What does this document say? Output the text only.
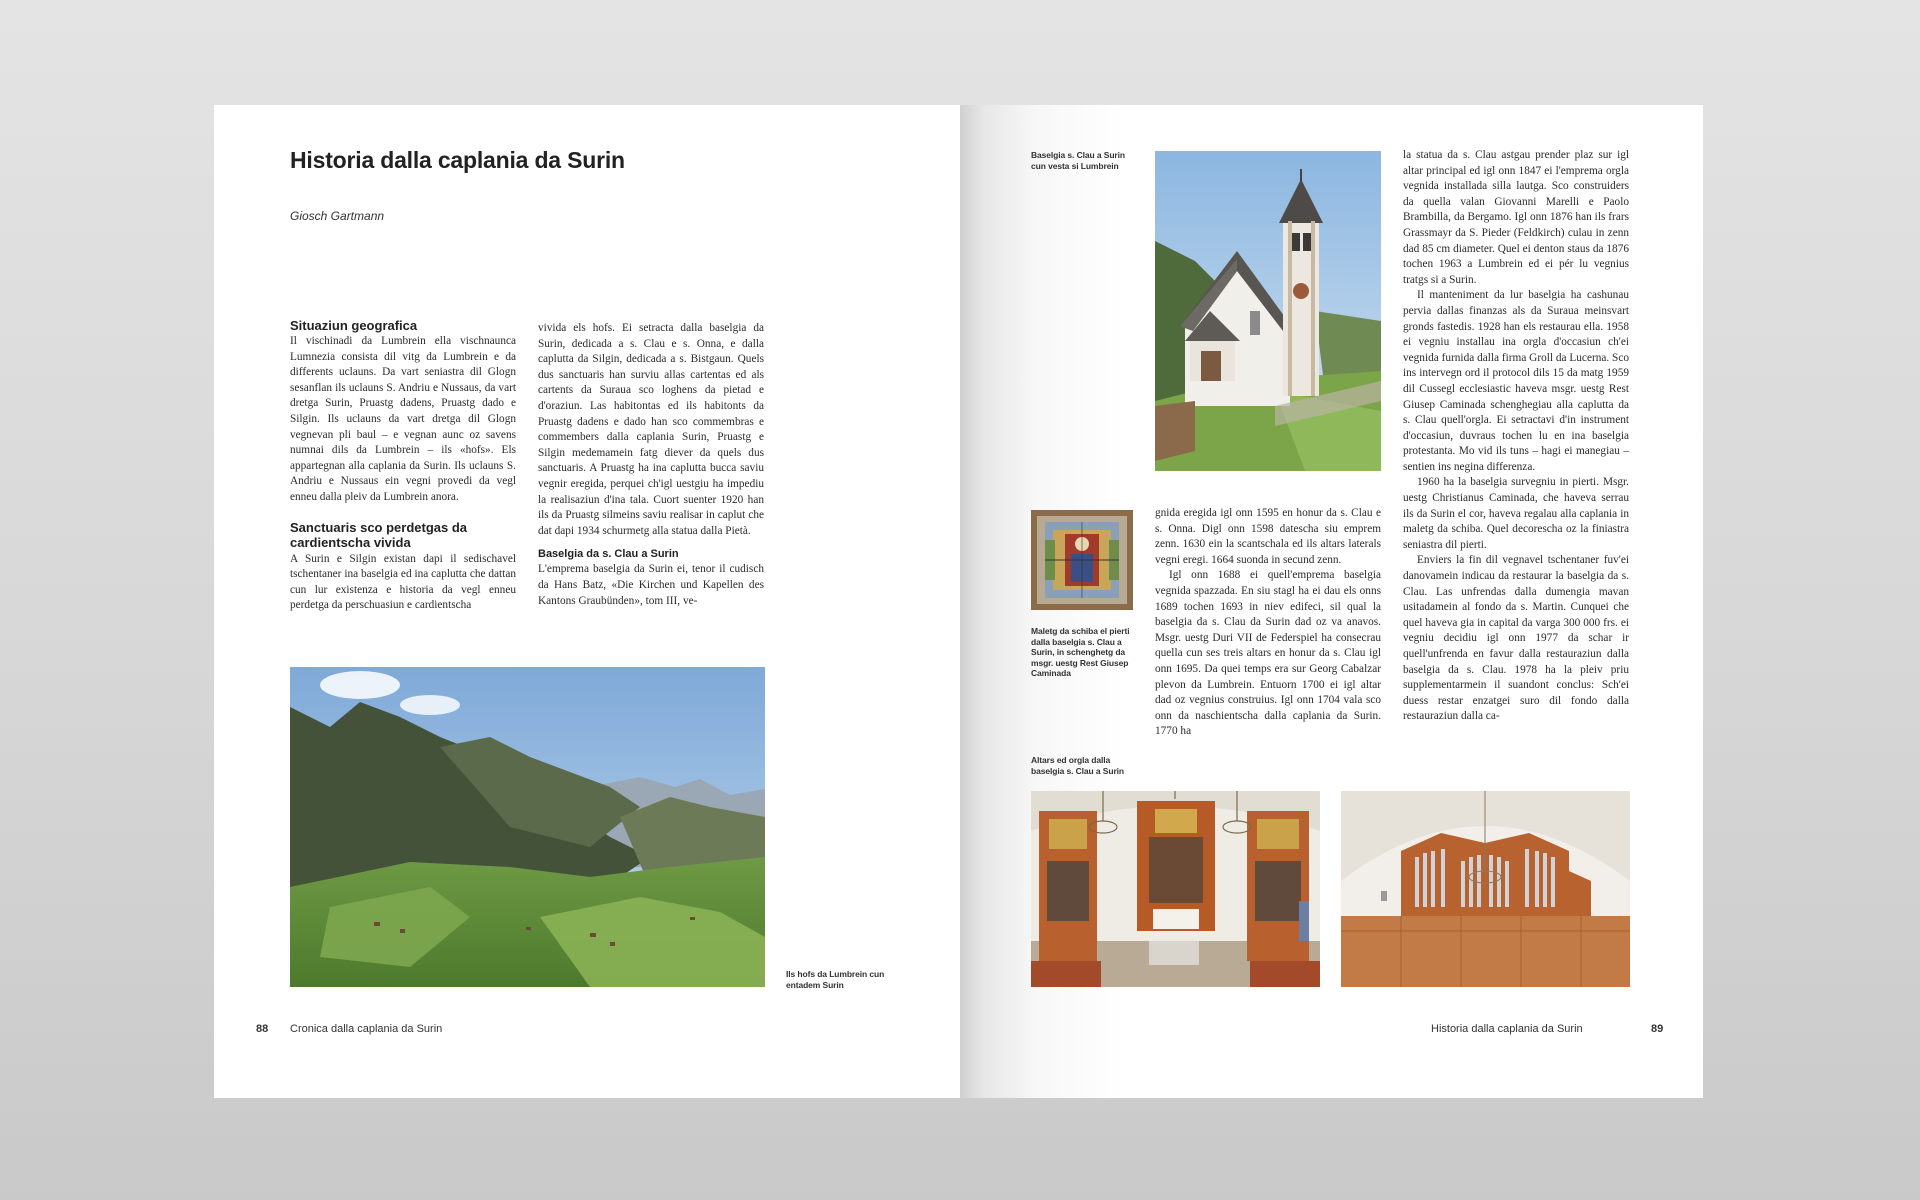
Historia dalla caplania da Surin
Giosch Gartmann
Situaziun geografica

Il vischinadi da Lumbrein ella vischnaunca Lumnezia consista dil vitg da Lumbrein e da differents uclauns. Da vart seniastra dil Glogn sesanflan ils uclauns S. Andriu e Nussaus, da vart dretga Surin, Pruastg dadens, Pruastg dado e Silgin. Ils uclauns da vart dretga dil Glogn vegnevan pli baul – e vegnan aunc oz savens numnai dils da Lumbrein – ils «hofs». Els appartegnan alla caplania da Surin. Ils uclauns S. Andriu e Nussaus ein vegni provedi da vegl enneu dalla pleiv da Lumbrein anora.

Sanctuaris sco perdetgas da cardientscha vivida

A Surin e Silgin existan dapi il sedischavel tschentaner ina baselgia ed ina caplutta che dattan cun lur existenza e historia da vegl enneu perdetga da perschuasiun e cardientscha

vivida els hofs. Ei setracta dalla baselgia da Surin, dedicada a s. Clau e s. Onna, e dalla caplutta da Silgin, dedicada a s. Bistgaun. Quels dus sanctuaris han surviu allas cartentas ed als cartents da Suraua sco loghens da pietad e d'oraziun. Las habitontas ed ils habitonts da Pruastg dadens e dado han sco commembras e commembers dalla caplania Surin, Pruastg e Silgin medemamein fatg diever da quels dus sanctuaris. A Pruastg ha ina caplutta bucca saviu vegnir eregida, perquei ch'igl uestgiu ha impediu la realisaziun d'ina tala. Cuort suenter 1920 han ils da Pruastg silmeins saviu realisar in caplut che dat dapi 1934 schurmetg alla statua dalla Pietà.

Baselgia da s. Clau a Surin

L'emprema baselgia da Surin ei, tenor il cudisch da Hans Batz, «Die Kirchen und Kapellen des Kantons Graubünden», tom III, ve-

Ils hofs da Lumbrein cun entadem Surin
88 Cronica dalla caplania da Surin
Baselgia s. Clau a Surin cun vesta si Lumbrein
Maletg da schiba el pierti dalla baselgia s. Clau a Surin, in schenghetg da msgr. uestg Rest Giusep Caminada
Altars ed orgla dalla baselgia s. Clau a Surin

gnida eregida igl onn 1595 en honur da s. Clau e s. Onna. Digl onn 1598 datescha siu emprem zenn. 1630 ein la scantschala ed ils altars laterals vegni eregi. 1664 suonda in secund zenn.

Igl onn 1688 ei quell'emprema baselgia vegnida spazzada. En siu stagl ha ei dau els onns 1689 tochen 1693 in niev edifeci, sil qual la baselgia da s. Clau da Surin dad oz va anavos. Msgr. uestg Duri VII de Federspiel ha consecrau quella cun ses treis altars en honur da s. Clau igl onn 1695. Da quei temps era sur Georg Cabalzar plevon da Lumbrein. Entuorn 1700 ei igl altar dad oz vegnius construius. Igl onn 1704 vala sco onn da naschientscha dalla caplania da Surin. 1770 ha

la statua da s. Clau astgau prender plaz sur igl altar principal ed igl onn 1847 ei l'emprema orgla vegnida installada silla lautga. Sco construiders da quella valan Giovanni Marelli e Paolo Brambilla, da Bergamo. Igl onn 1876 han ils frars Grassmayr da S. Pieder (Feldkirch) culau in zenn dad 85 cm diameter. Quel ei denton staus da 1876 tochen 1963 a Lumbrein ed ei pér lu vegnius tratgs si a Surin.

Il manteniment da lur baselgia ha cashunau pervia dallas finanzas als da Suraua meinsvart gronds fastedis. 1928 han els restaurau ella. 1958 ei vegniu installau ina orgla d'occasiun ch'ei vegnida furnida dalla firma Groll da Lucerna. Sco ins intervegn ord il protocol dils 15 da matg 1959 dil Cussegl ecclesiastic haveva msgr. uestg Rest Giusep Caminada schenghegiau alla caplutta da s. Clau quell'orgla. Ei setractavi d'in instrument d'occasiun, duvraus tochen lu en ina baselgia protestanta. Mo vid ils tuns – hagi ei manegiau – sentien ins negina differenza.

1960 ha la baselgia survegniu in pierti. Msgr. uestg Christianus Caminada, che haveva serrau ils da Surin el cor, haveva regalau alla caplania in maletg da schiba. Quel decorescha oz la finiastra seniastra dil pierti.

Enviers la fin dil vegnavel tschentaner fuv'ei danovamein indicau da restaurar la baselgia da s. Clau. Las unfrendas dalla dumengia mavan usitadamein al fondo da s. Martin. Cunquei che quel haveva gia in capital da varga 300 000 frs. ei vegniu decidiu igl onn 1977 da schar ir quell'unfrenda en favur dalla restauraziun dalla baselgia da s. Clau. 1978 ha la pleiv priu supplementarmein il suandont conclus: Sch'ei duess restar enzatgei suro dil fondo dalla restauraziun dalla ca-

Historia dalla caplania da Surin	89
